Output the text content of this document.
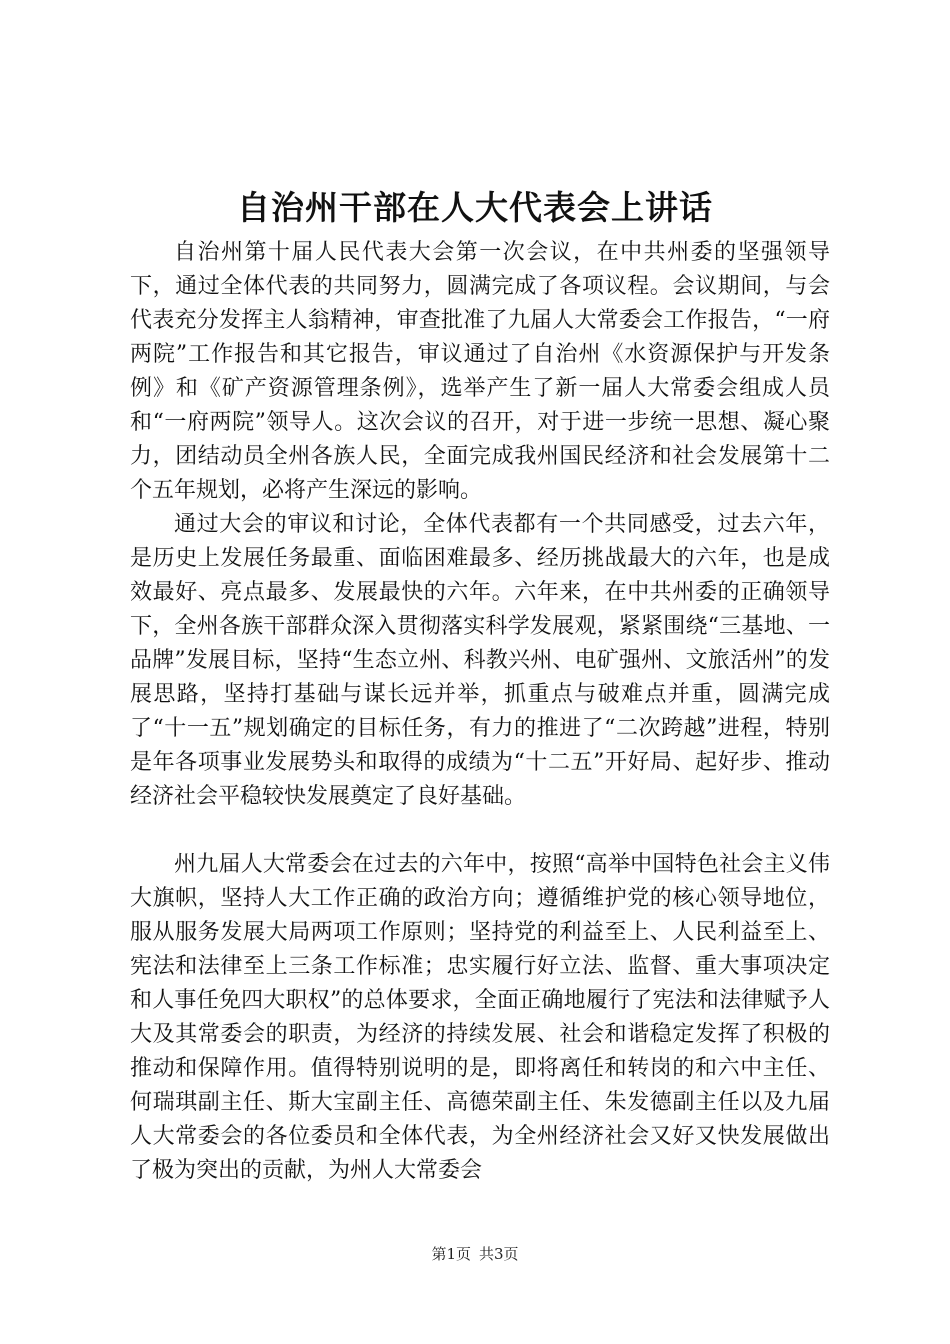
自治州干部在人大代表会上讲话

自治州第十届人民代表大会第一次会议，在中共州委的坚强领导下，通过全体代表的共同努力，圆满完成了各项议程。会议期间，与会代表充分发挥主人翁精神，审查批准了九届人大常委会工作报告，“一府两院”工作报告和其它报告，审议通过了自治州《水资源保护与开发条例》和《矿产资源管理条例》，选举产生了新一届人大常委会组成人员和“一府两院”领导人。这次会议的召开，对于进一步统一思想、凝心聚力，团结动员全州各族人民，全面完成我州国民经济和社会发展第十二个五年规划，必将产生深远的影响。

通过大会的审议和讨论，全体代表都有一个共同感受，过去六年，是历史上发展任务最重、面临困难最多、经历挑战最大的六年，也是成效最好、亮点最多、发展最快的六年。六年来，在中共州委的正确领导下，全州各族干部群众深入贯彻落实科学发展观，紧紧围绕“三基地、一品牌”发展目标，坚持“生态立州、科教兴州、电矿强州、文旅活州”的发展思路，坚持打基础与谋长远并举，抓重点与破难点并重，圆满完成了“十一五”规划确定的目标任务，有力的推进了“二次跨越”进程，特别是年各项事业发展势头和取得的成绩为“十二五”开好局、起好步、推动经济社会平稳较快发展奠定了良好基础。

州九届人大常委会在过去的六年中，按照“高举中国特色社会主义伟大旗帜，坚持人大工作正确的政治方向；遵循维护党的核心领导地位，服从服务发展大局两项工作原则；坚持党的利益至上、人民利益至上、宪法和法律至上三条工作标准；忠实履行好立法、监督、重大事项决定和人事任免四大职权”的总体要求，全面正确地履行了宪法和法律赋予人大及其常委会的职责，为经济的持续发展、社会和谐稳定发挥了积极的推动和保障作用。值得特别说明的是，即将离任和转岗的和六中主任、何瑞琪副主任、斯大宝副主任、高德荣副主任、朱发德副主任以及九届人大常委会的各位委员和全体代表，为全州经济社会又好又快发展做出了极为突出的贡献，为州人大常委会

第1页 共3页
